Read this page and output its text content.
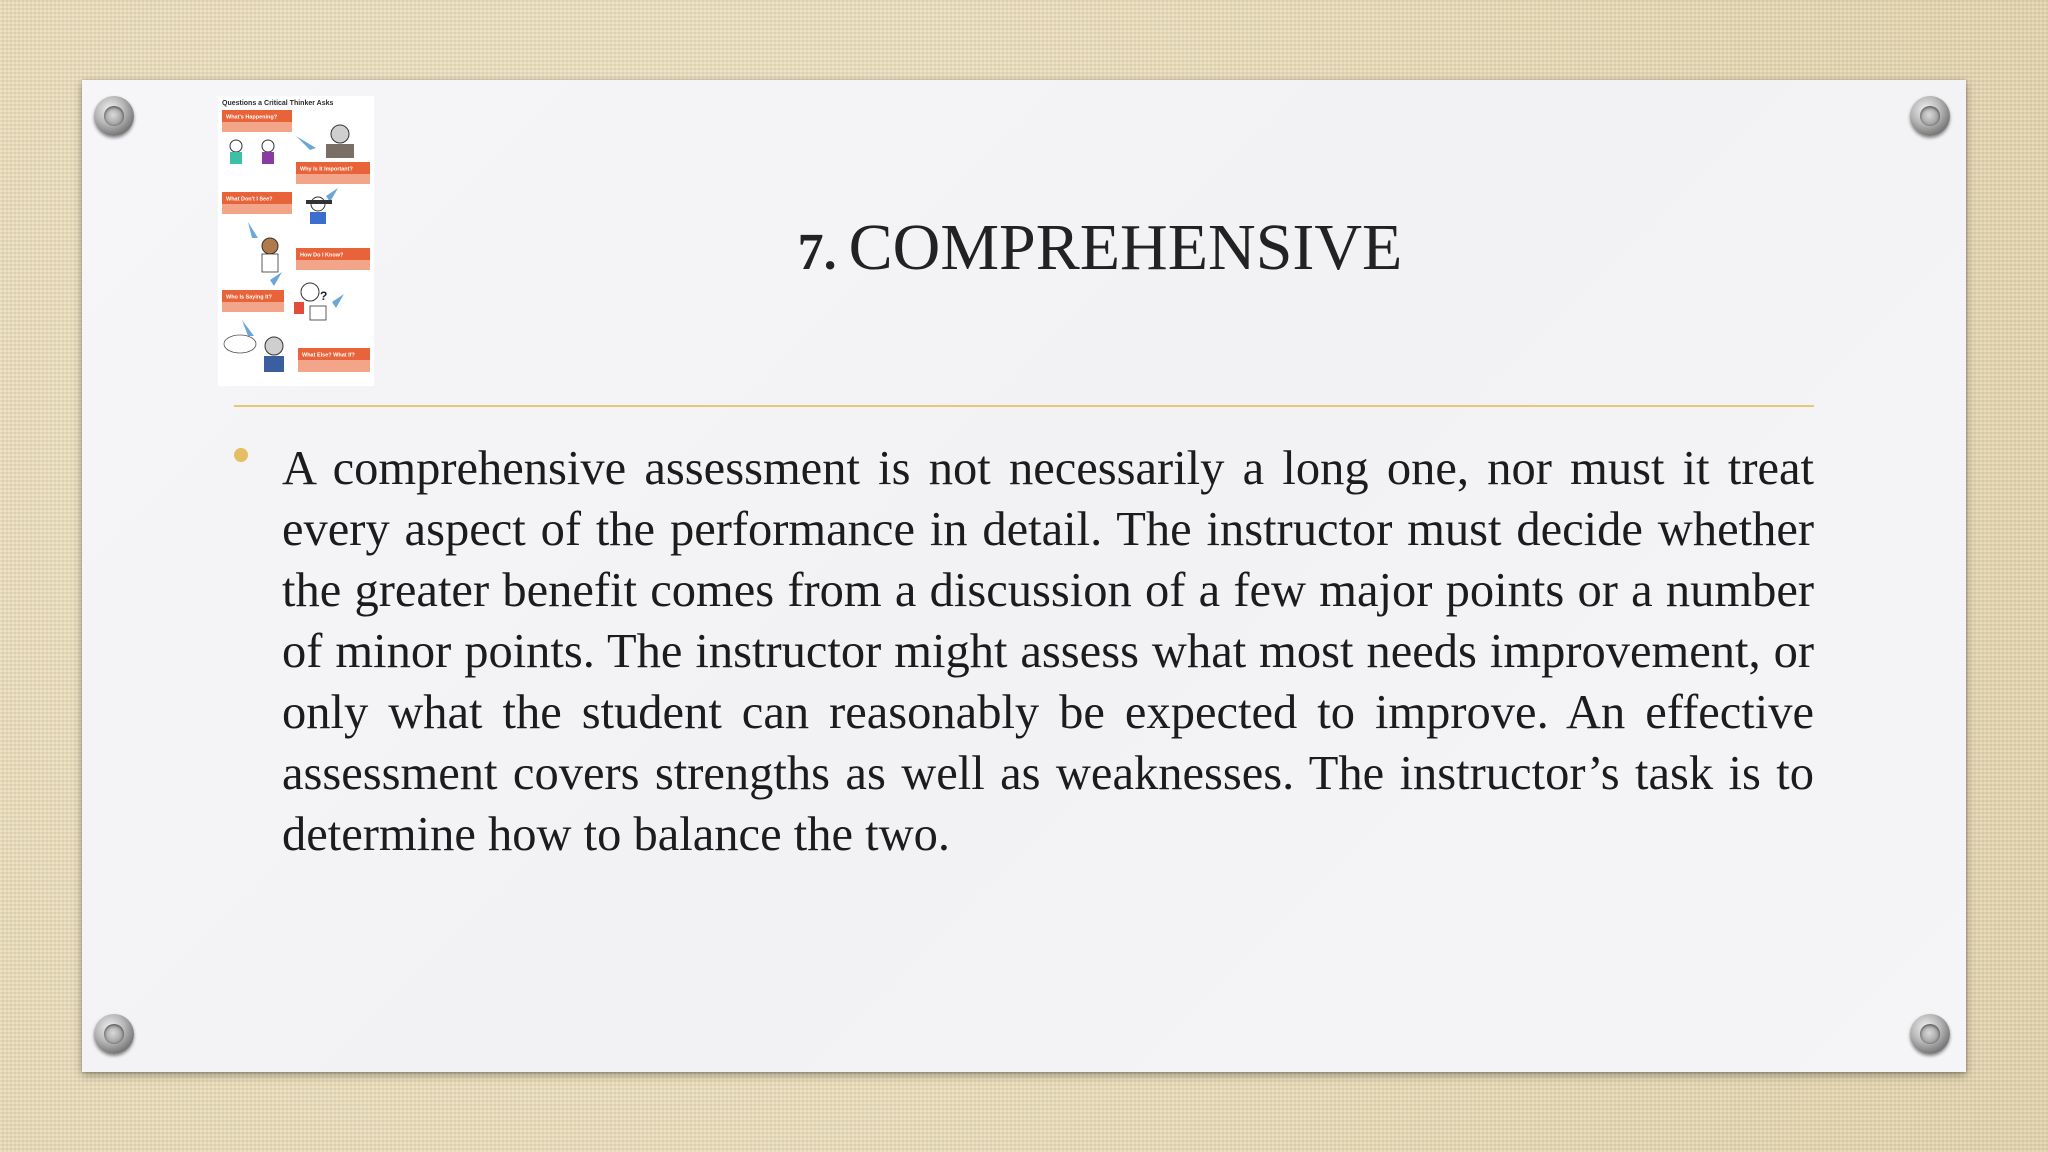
Questions a Critical Thinker Asks
What's Happening?
Why Is It Important?
What Don't I See?
How Do I Know?
Who Is Saying It?	?
What Else? What If?
7. COMPREHENSIVE

A comprehensive assessment is not necessarily a long one, nor must it treat every aspect of the performance in detail. The instructor must decide whether the greater benefit comes from a discussion of a few major points or a number of minor points. The instructor might assess what most needs improvement, or only what the student can reasonably be expected to improve. An effective assessment covers strengths as well as weaknesses. The instructor’s task is to determine how to balance the two.
